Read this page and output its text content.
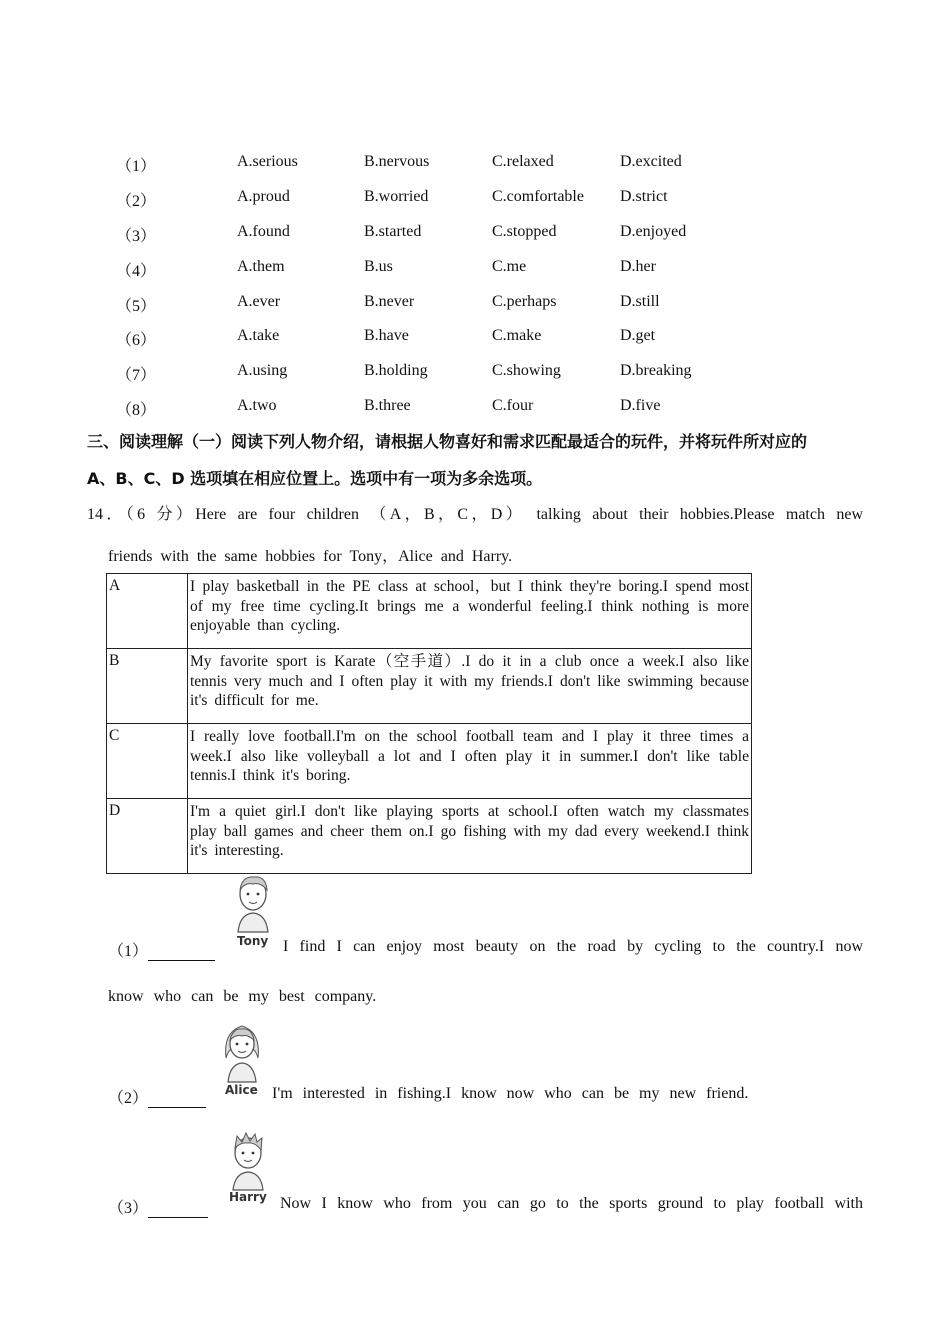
（1）	A.serious	B.nervous	C.relaxed	D.excited
（2）	A.proud	B.worried	C.comfortable D.strict
（3）	A.found	B.started	C.stopped	D.enjoyed
（4）	A.them	B.us	C.me	D.her
（5）	A.ever	B.never	C.perhaps	D.still
（6）	A.take	B.have	C.make	D.get
（7）	A.using	B.holding	C.showing	D.breaking
（8）	A.two	B.three	C.four	D.five
三、阅读理解（一）阅读下列人物介绍，请根据人物喜好和需求匹配最适合的玩件，并将玩件所对应的
A、B、C、D 选项填在相应位置上。选项中有一项为多余选项。
14．（6 分）Here are four children （A，B，C，D） talking about their hobbies.Please match new
friends with the same hobbies for Tony，Alice and Harry.
A	I play basketball in the PE class at school，but I think they're boring.I spend most of my free time cycling.It brings me a wonderful feeling.I think nothing is more enjoyable than cycling.
B	My favorite sport is Karate（空手道）.I do it in a club once a week.I also like tennis very much and I often play it with my friends.I don't like swimming because it's difficult for me.
C	I really love football.I'm on the school football team and I play it three times a week.I also like volleyball a lot and I often play it in summer.I don't like table tennis.I think it's boring.
D	I'm a quiet girl.I don't like playing sports at school.I often watch my classmates play ball games and cheer them on.I go fishing with my dad every weekend.I think it's interesting.
Tony
（1）	I find I can enjoy most beauty on the road by cycling to the country.I now
know who can be my best company.
Alice
（2）	I'm interested in fishing.I know now who can be my new friend.
Harry
（3）	Now I know who from you can go to the sports ground to play football with
